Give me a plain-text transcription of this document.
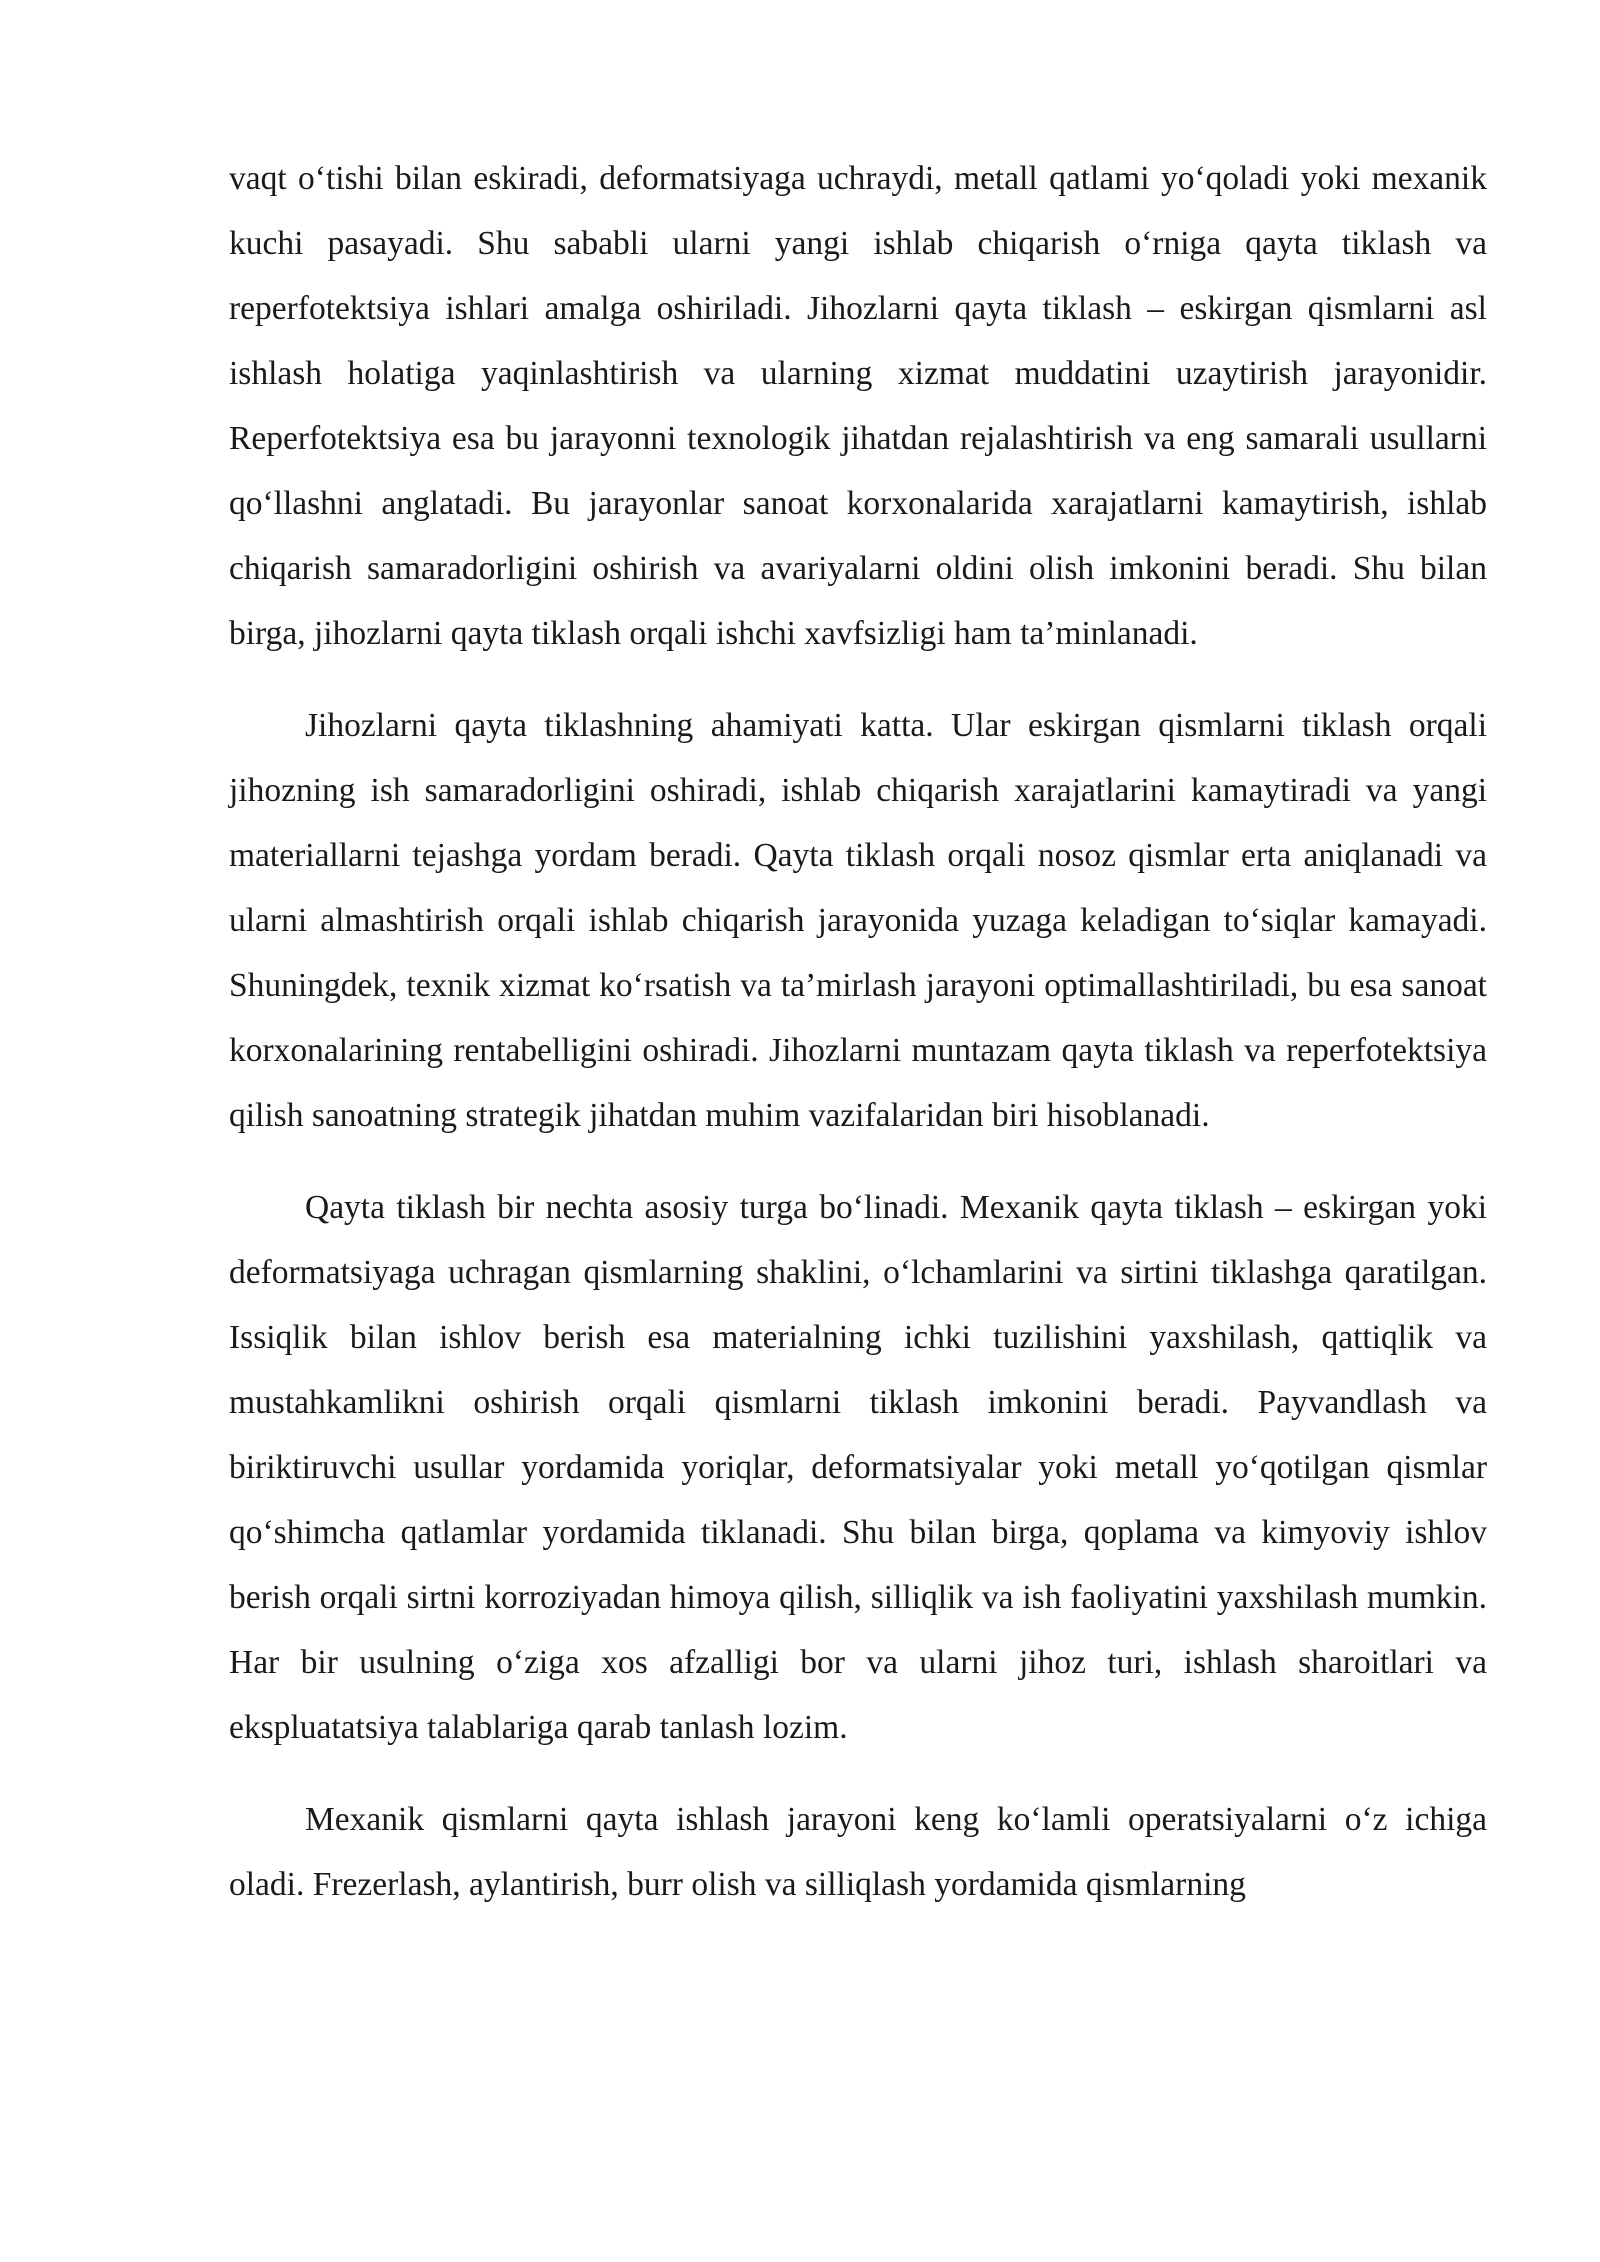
vaqt o‘tishi bilan eskiradi, deformatsiyaga uchraydi, metall qatlami yo‘qoladi yoki mexanik kuchi pasayadi. Shu sababli ularni yangi ishlab chiqarish o‘rniga qayta tiklash va reperfotektsiya ishlari amalga oshiriladi. Jihozlarni qayta tiklash – eskirgan qismlarni asl ishlash holatiga yaqinlashtirish va ularning xizmat muddatini uzaytirish jarayonidir. Reperfotektsiya esa bu jarayonni texnologik jihatdan rejalashtirish va eng samarali usullarni qo‘llashni anglatadi. Bu jarayonlar sanoat korxonalarida xarajatlarni kamaytirish, ishlab chiqarish samaradorligini oshirish va avariyalarni oldini olish imkonini beradi. Shu bilan birga, jihozlarni qayta tiklash orqali ishchi xavfsizligi ham ta’minlanadi.

Jihozlarni qayta tiklashning ahamiyati katta. Ular eskirgan qismlarni tiklash orqali jihozning ish samaradorligini oshiradi, ishlab chiqarish xarajatlarini kamaytiradi va yangi materiallarni tejashga yordam beradi. Qayta tiklash orqali nosoz qismlar erta aniqlanadi va ularni almashtirish orqali ishlab chiqarish jarayonida yuzaga keladigan to‘siqlar kamayadi. Shuningdek, texnik xizmat ko‘rsatish va ta’mirlash jarayoni optimallashtiriladi, bu esa sanoat korxonalarining rentabelligini oshiradi. Jihozlarni muntazam qayta tiklash va reperfotektsiya qilish sanoatning strategik jihatdan muhim vazifalaridan biri hisoblanadi.

Qayta tiklash bir nechta asosiy turga bo‘linadi. Mexanik qayta tiklash – eskirgan yoki deformatsiyaga uchragan qismlarning shaklini, o‘lchamlarini va sirtini tiklashga qaratilgan. Issiqlik bilan ishlov berish esa materialning ichki tuzilishini yaxshilash, qattiqlik va mustahkamlikni oshirish orqali qismlarni tiklash imkonini beradi. Payvandlash va biriktiruvchi usullar yordamida yoriqlar, deformatsiyalar yoki metall yo‘qotilgan qismlar qo‘shimcha qatlamlar yordamida tiklanadi. Shu bilan birga, qoplama va kimyoviy ishlov berish orqali sirtni korroziyadan himoya qilish, silliqlik va ish faoliyatini yaxshilash mumkin. Har bir usulning o‘ziga xos afzalligi bor va ularni jihoz turi, ishlash sharoitlari va ekspluatatsiya talablariga qarab tanlash lozim.

Mexanik qismlarni qayta ishlash jarayoni keng ko‘lamli operatsiyalarni o‘z ichiga oladi. Frezerlash, aylantirish, burr olish va silliqlash yordamida qismlarning
